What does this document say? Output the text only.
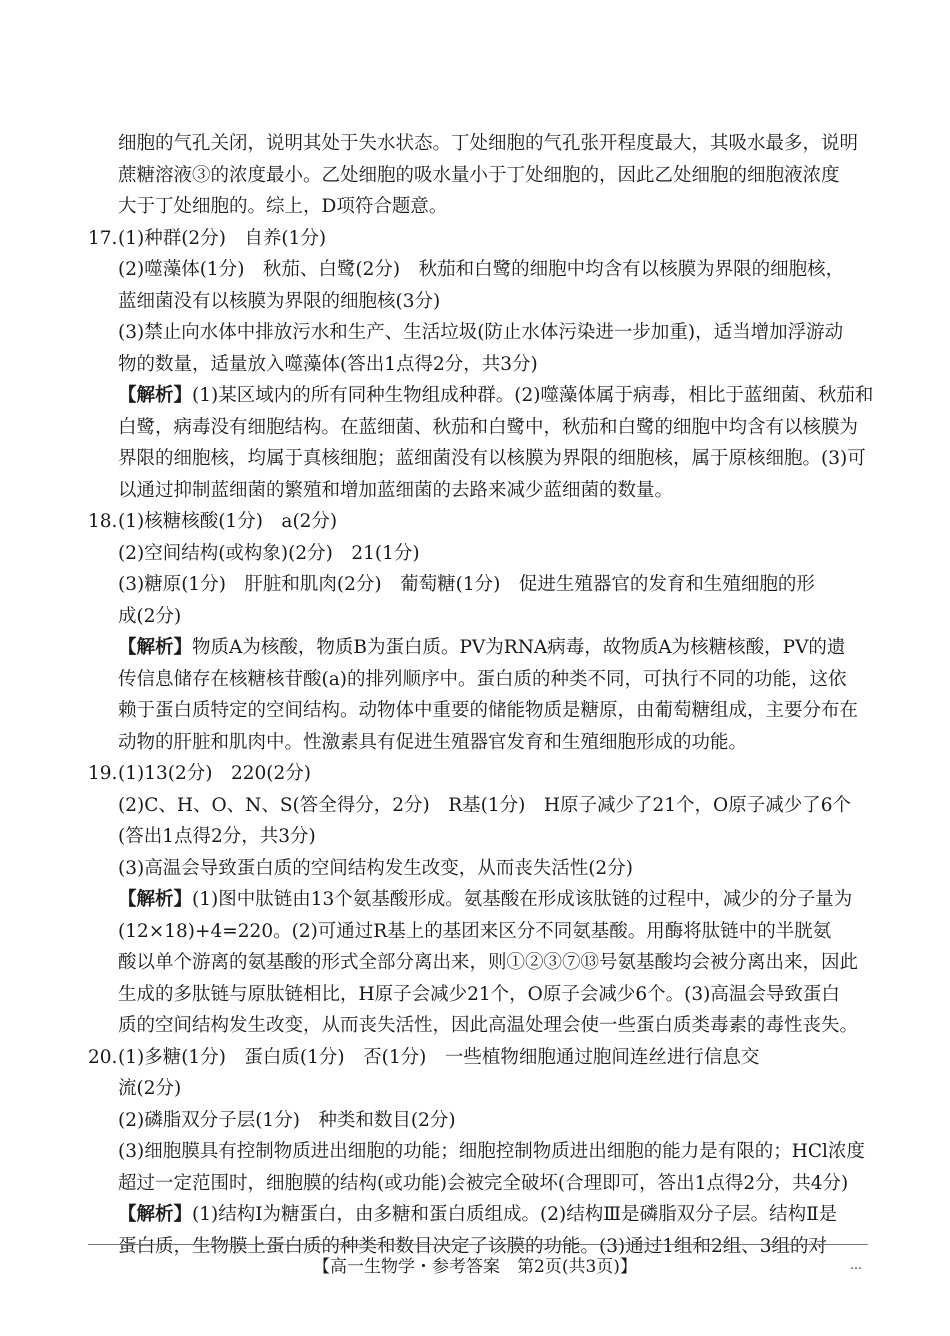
细胞的气孔关闭，说明其处于失水状态。丁处细胞的气孔张开程度最大，其吸水最多，说明
蔗糖溶液③的浓度最小。乙处细胞的吸水量小于丁处细胞的，因此乙处细胞的细胞液浓度
大于丁处细胞的。综上，D项符合题意。
17.(1)种群(2分)　自养(1分)
(2)噬藻体(1分)　秋茄、白鹭(2分)　秋茄和白鹭的细胞中均含有以核膜为界限的细胞核，
蓝细菌没有以核膜为界限的细胞核(3分)
(3)禁止向水体中排放污水和生产、生活垃圾(防止水体污染进一步加重)，适当增加浮游动
物的数量，适量放入噬藻体(答出1点得2分，共3分)
【解析】(1)某区域内的所有同种生物组成种群。(2)噬藻体属于病毒，相比于蓝细菌、秋茄和
白鹭，病毒没有细胞结构。在蓝细菌、秋茄和白鹭中，秋茄和白鹭的细胞中均含有以核膜为
界限的细胞核，均属于真核细胞；蓝细菌没有以核膜为界限的细胞核，属于原核细胞。(3)可
以通过抑制蓝细菌的繁殖和增加蓝细菌的去路来减少蓝细菌的数量。
18.(1)核糖核酸(1分)　a(2分)
(2)空间结构(或构象)(2分)　21(1分)
(3)糖原(1分)　肝脏和肌肉(2分)　葡萄糖(1分)　促进生殖器官的发育和生殖细胞的形
成(2分)
【解析】物质A为核酸，物质B为蛋白质。PV为RNA病毒，故物质A为核糖核酸，PV的遗
传信息储存在核糖核苷酸(a)的排列顺序中。蛋白质的种类不同，可执行不同的功能，这依
赖于蛋白质特定的空间结构。动物体中重要的储能物质是糖原，由葡萄糖组成，主要分布在
动物的肝脏和肌肉中。性激素具有促进生殖器官发育和生殖细胞形成的功能。
19.(1)13(2分)　220(2分)
(2)C、H、O、N、S(答全得分，2分)　R基(1分)　H原子减少了21个，O原子减少了6个
(答出1点得2分，共3分)
(3)高温会导致蛋白质的空间结构发生改变，从而丧失活性(2分)
【解析】(1)图中肽链由13个氨基酸形成。氨基酸在形成该肽链的过程中，减少的分子量为
(12×18)+4=220。(2)可通过R基上的基团来区分不同氨基酸。用酶将肽链中的半胱氨
酸以单个游离的氨基酸的形式全部分离出来，则①②③⑦⑬号氨基酸均会被分离出来，因此
生成的多肽链与原肽链相比，H原子会减少21个，O原子会减少6个。(3)高温会导致蛋白
质的空间结构发生改变，从而丧失活性，因此高温处理会使一些蛋白质类毒素的毒性丧失。
20.(1)多糖(1分)　蛋白质(1分)　否(1分)　一些植物细胞通过胞间连丝进行信息交
流(2分)
(2)磷脂双分子层(1分)　种类和数目(2分)
(3)细胞膜具有控制物质进出细胞的功能；细胞控制物质进出细胞的能力是有限的；HCl浓度
超过一定范围时，细胞膜的结构(或功能)会被完全破坏(合理即可，答出1点得2分，共4分)
【解析】(1)结构Ⅰ为糖蛋白，由多糖和蛋白质组成。(2)结构Ⅲ是磷脂双分子层。结构Ⅱ是
蛋白质，生物膜上蛋白质的种类和数目决定了该膜的功能。(3)通过1组和2组、3组的对
【高一生物学・参考答案　第2页(共3页)】	…
